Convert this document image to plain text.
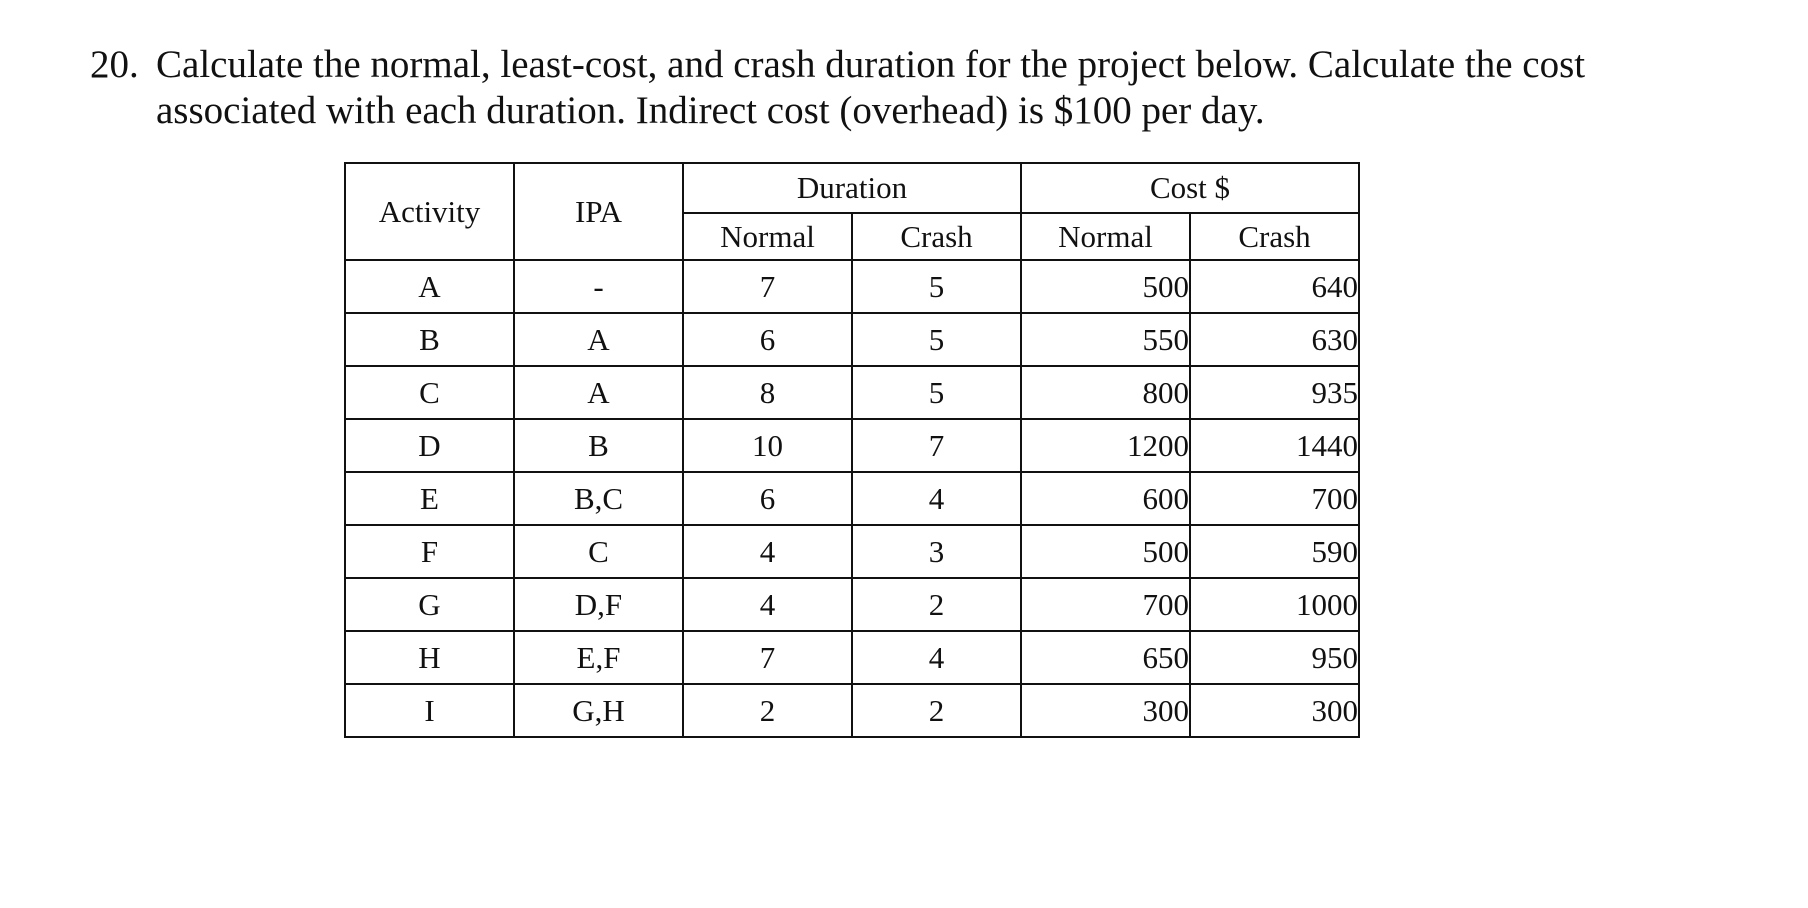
20. Calculate the normal, least-cost, and crash duration for the project below. Calculate the cost
associated with each duration. Indirect cost (overhead) is $100 per day.
Activity	IPA	Duration		Cost $	
		Normal	Crash	Normal	Crash
A	-	7	5	500	640
B	A	6	5	550	630
C	A	8	5	800	935
D	B	10	7	1200	1440
E	B,C	6	4	600	700
F	C	4	3	500	590
G	D,F	4	2	700	1000
H	E,F	7	4	650	950
I	G,H	2	2	300	300
